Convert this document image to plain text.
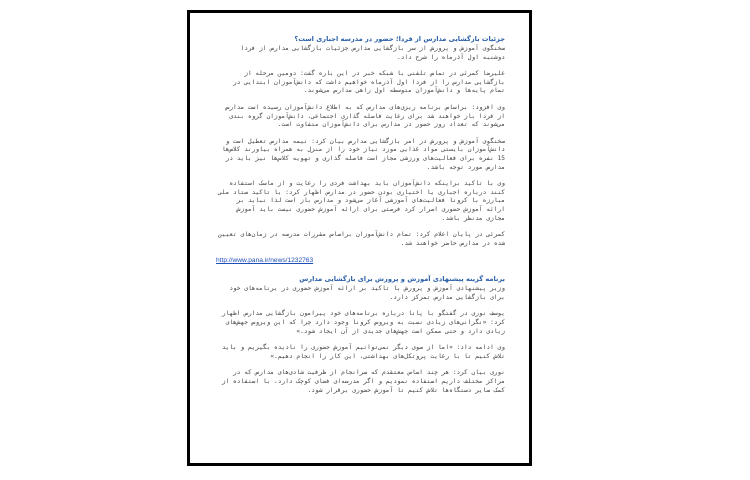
جزئیات بازگشایی مدارس از فردا؛ حضور در مدرسه اجباری است؟

سخنگوی آموزش و پرورش از سر بازگشایی مدارس جزئیات بازگشایی مدارس از فردا دوشنبه اول آذرماه را شرح داد.

علیرضا کمرئی در تماس تلفنی با شبکه خبر در این باره گفت: دومین مرحله از بازگشایی مدارس را از فردا اول آذرماه خواهیم داشت که دانش‌آموزان ابتدایی در تمام پایه‌ها و دانش‌آموزان متوسطه اول راهی مدارس می‌شوند.

وی افزود: براساس برنامه ریزی‌های مدارس که به اطلاع دانش‌آموزان رسیده است مدارس از فردا باز خواهند شد برای رعایت فاصله گذاری اجتماعی، دانش‌آموزان گروه بندی می‌شوند که تعداد روز حضور در مدارس برای دانش‌آموزان متفاوت است.

سخنگوی آموزش و پرورش در امر بازگشایی مدارس بیان کرد: نیمه مدارس تعطیل است و دانش‌آموزان بایستی مواد غذایی مورد نیاز خود را از منزل به همراه بیاورند کلاس‌ها 15 نفره برای فعالیت‌های ورزشی مجاز است فاصله گذاری و تهویه کلاس‌ها نیز باید در مدارس مورد توجه باشد.

وی با تاکید براینکه دانش‌آموزان باید بهداشت فردی را رعایت و از ماسک استفاده کنند درباره اجباری یا اختیاری بودن حضور در مدارس اظهار کرد: با تاکید ستاد ملی مبارزه با کرونا فعالیت‌های آموزشی آغاز می‌شود و مدارس باز است لذا نباید بر ارائه آموزش حضوری اصرار کرد فرصتی برای ارائه آموزش حضوری نیست باید آموزش مجازی مدنظر باشد.

کمرئی در پایان اعلام کرد: تمام دانش‌آموزان براساس مقررات مدرسه در زمان‌های تعیین شده در مدارس حاضر خواهند شد.

http://www.pana.ir/news/1232763

برنامه گزینه پیشنهادی آموزش و پرورش برای بازگشایی مدارس

وزیر پیشنهادی آموزش و پرورش با تاکید بر ارائه آموزش حضوری در برنامه‌های خود برای بازگشایی مدارس تمرکز دارد.

یوسف نوری در گفتگو با پانا درباره برنامه‌های خود پیرامون بازگشایی مدارس اظهار کرد: «نگرانی‌های زیادی نسبت به ویروس کرونا وجود دارد چرا که این ویروس جهش‌های زیادی دارد و حتی ممکن است جهش‌های جدیدی از آن ایجاد شود.»

وی ادامه داد: «اما از سوی دیگر نمی‌توانیم آموزش حضوری را نادیده بگیریم و باید تلاش کنیم تا با رعایت پروتکل‌های بهداشتی، این کار را انجام دهیم.»

نوری بیان کرد: هر چند اساس معتقدم که سرانجام از ظرفیت شادی‌های مدارس که در مراکز مختلف داریم استفاده نمودیم و اگر مدرسه‌ای فضای کوچک دارد، با استفاده از کمک سایر دستگاه‌ها تلاش کنیم تا آموزش حضوری برقرار شود.
